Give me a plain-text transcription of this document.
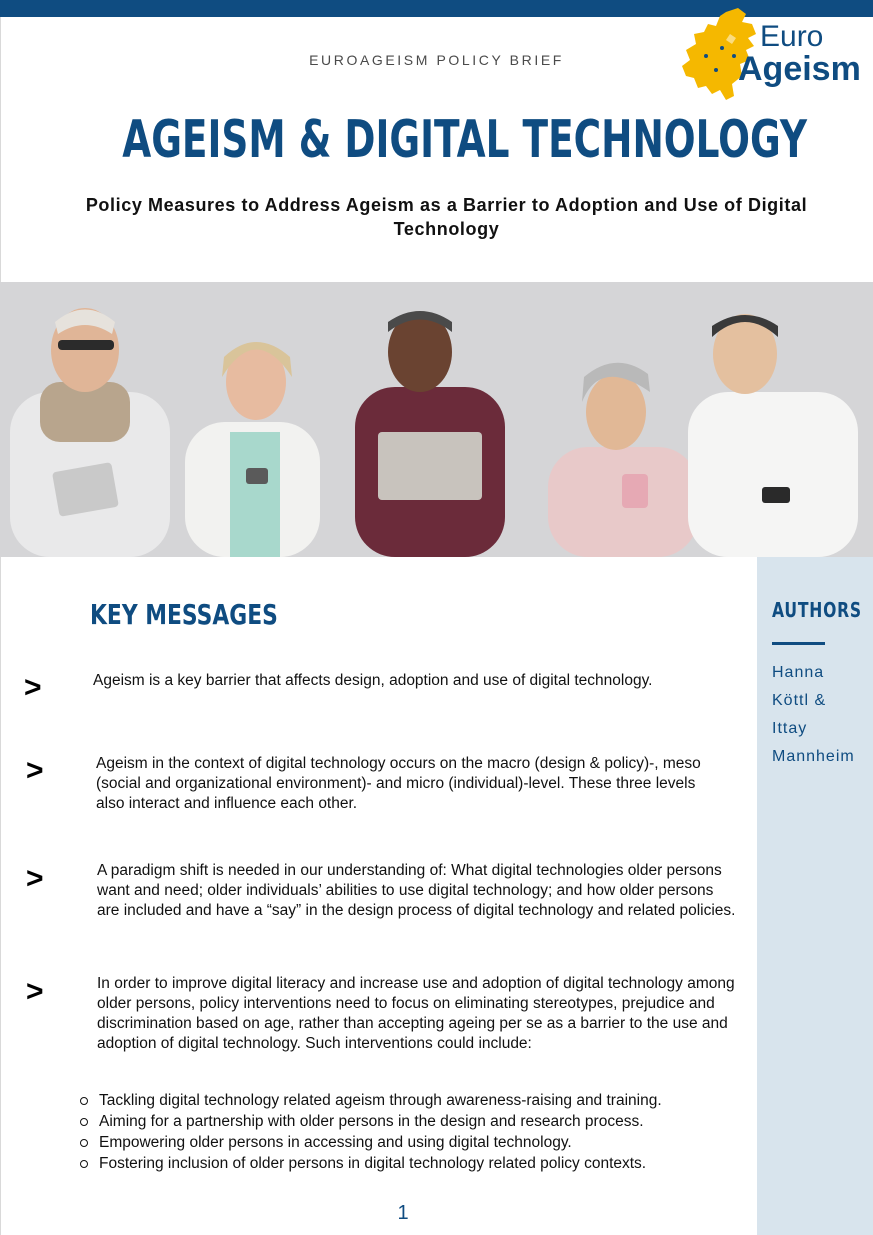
EUROAGEISM POLICY BRIEF
Euro
Ageism
AGEISM & DIGITAL TECHNOLOGY
Policy Measures to Address Ageism as a Barrier to Adoption and Use of Digital Technology
AUTHORS
Hanna
Köttl &
Ittay
Mannheim
KEY MESSAGES
>	Ageism is a key barrier that affects design, adoption and use of digital technology.
>	Ageism in the context of digital technology occurs on the macro (design & policy)-, meso (social and organizational environment)- and micro (individual)-level. These three levels also interact and influence each other.
>	A paradigm shift is needed in our understanding of: What digital technologies older persons want and need; older individuals’ abilities to use digital technology; and how older persons are included and have a “say” in the design process of digital technology and related policies.
>	In order to improve digital literacy and increase use and adoption of digital technology among older persons, policy interventions need to focus on eliminating stereotypes, prejudice and discrimination based on age, rather than accepting ageing per se as a barrier to the use and adoption of digital technology. Such interventions could include:
Tackling digital technology related ageism through awareness-raising and training.
Aiming for a partnership with older persons in the design and research process.
Empowering older persons in accessing and using digital technology.
Fostering inclusion of older persons in digital technology related policy contexts.
1
